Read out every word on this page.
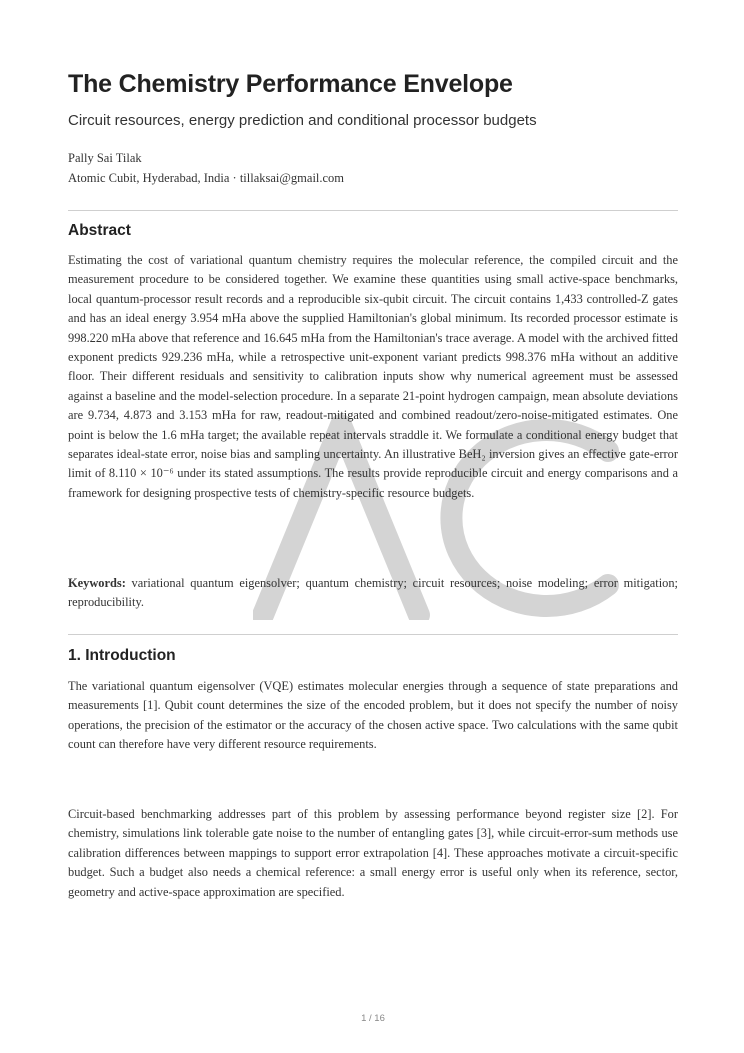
The Chemistry Performance Envelope

Circuit resources, energy prediction and conditional processor budgets

Pally Sai Tilak
Atomic Cubit, Hyderabad, India · tillaksai@gmail.com
Abstract

Estimating the cost of variational quantum chemistry requires the molecular reference, the compiled circuit and the measurement procedure to be considered together. We examine these quantities using small active-space benchmarks, local quantum-processor result records and a reproducible six-qubit circuit. The circuit contains 1,433 controlled-Z gates and has an ideal energy 3.954 mHa above the supplied Hamiltonian's global minimum. Its recorded processor estimate is 998.220 mHa above that reference and 16.645 mHa from the Hamiltonian's trace average. A model with the archived fitted exponent predicts 929.236 mHa, while a retrospective unit-exponent variant predicts 998.376 mHa without an additive floor. Their different residuals and sensitivity to calibration inputs show why numerical agreement must be assessed against a baseline and the model-selection procedure. In a separate 21-point hydrogen campaign, mean absolute deviations are 9.734, 4.873 and 3.153 mHa for raw, readout-mitigated and combined readout/zero-noise-mitigated estimates. One point is below the 1.6 mHa target; the available repeat intervals straddle it. We formulate a conditional energy budget that separates ideal-state error, noise bias and sampling uncertainty. An illustrative BeH₂ inversion gives an effective gate-error limit of 8.110 × 10⁻⁶ under its stated assumptions. The results provide reproducible circuit and energy comparisons and a framework for designing prospective tests of chemistry-specific resource budgets.

Keywords: variational quantum eigensolver; quantum chemistry; circuit resources; noise modeling; error mitigation; reproducibility.

1. Introduction

The variational quantum eigensolver (VQE) estimates molecular energies through a sequence of state preparations and measurements [1]. Qubit count determines the size of the encoded problem, but it does not specify the number of noisy operations, the precision of the estimator or the accuracy of the chosen active space. Two calculations with the same qubit count can therefore have very different resource requirements.

Circuit-based benchmarking addresses part of this problem by assessing performance beyond register size [2]. For chemistry, simulations link tolerable gate noise to the number of entangling gates [3], while circuit-error-sum methods use calibration differences between mappings to support error extrapolation [4]. These approaches motivate a circuit-specific budget. Such a budget also needs a chemical reference: a small energy error is useful only when its reference, sector, geometry and active-space approximation are specified.

1 / 16
